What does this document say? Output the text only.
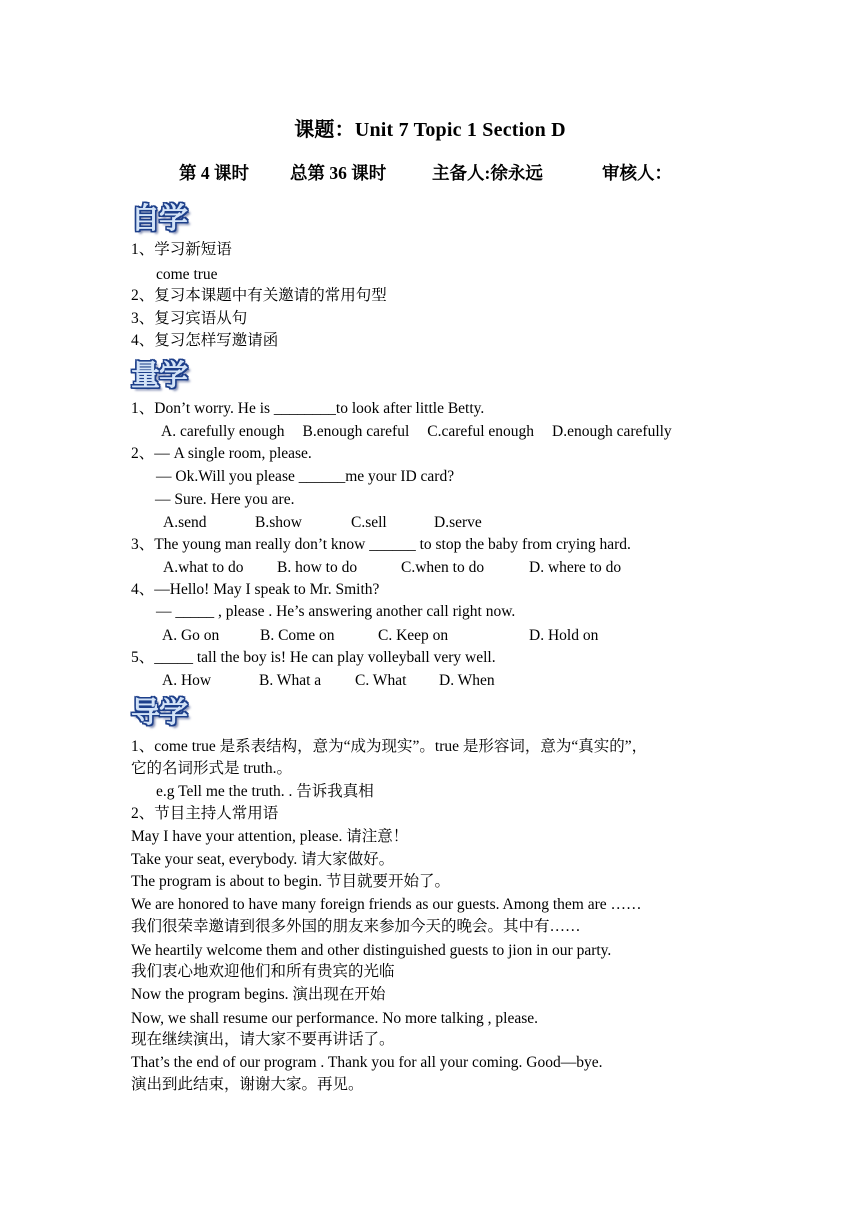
课题：Unit 7 Topic 1 Section D
第 4 课时 总第 36 课时	主备人:徐永远	审核人：
自学
1、学习新短语
come true
2、复习本课题中有关邀请的常用句型
3、复习宾语从句
4、复习怎样写邀请函
量学
1、Don’t worry. He is ________to look after little Betty.
A. carefully enough B.enough careful C.careful enough D.enough carefully
2、— A single room, please.
— Ok.Will you please ______me your ID card?
— Sure. Here you are.
A.send	B.show	C.sell	D.serve
3、The young man really don’t know ______ to stop the baby from crying hard.
A.what to do B. how to do	C.when to do	D. where to do
4、—Hello! May I speak to Mr. Smith?
— _____ , please . He’s answering another call right now.
A. Go on	B. Come on	C. Keep on	D. Hold on
5、_____ tall the boy is! He can play volleyball very well.
A. How	B. What a C. What D. When
导学
1、come true 是系表结构，意为“成为现实”。true 是形容词，意为“真实的”，
它的名词形式是 truth.。
e.g Tell me the truth. . 告诉我真相
2、节目主持人常用语
May I have your attention, please. 请注意！
Take your seat, everybody. 请大家做好。
The program is about to begin. 节目就要开始了。
We are honored to have many foreign friends as our guests. Among them are ……
我们很荣幸邀请到很多外国的朋友来参加今天的晚会。其中有……
We heartily welcome them and other distinguished guests to jion in our party.
我们衷心地欢迎他们和所有贵宾的光临
Now the program begins. 演出现在开始
Now, we shall resume our performance. No more talking , please.
现在继续演出，请大家不要再讲话了。
That’s the end of our program . Thank you for all your coming. Good—bye.
演出到此结束，谢谢大家。再见。
